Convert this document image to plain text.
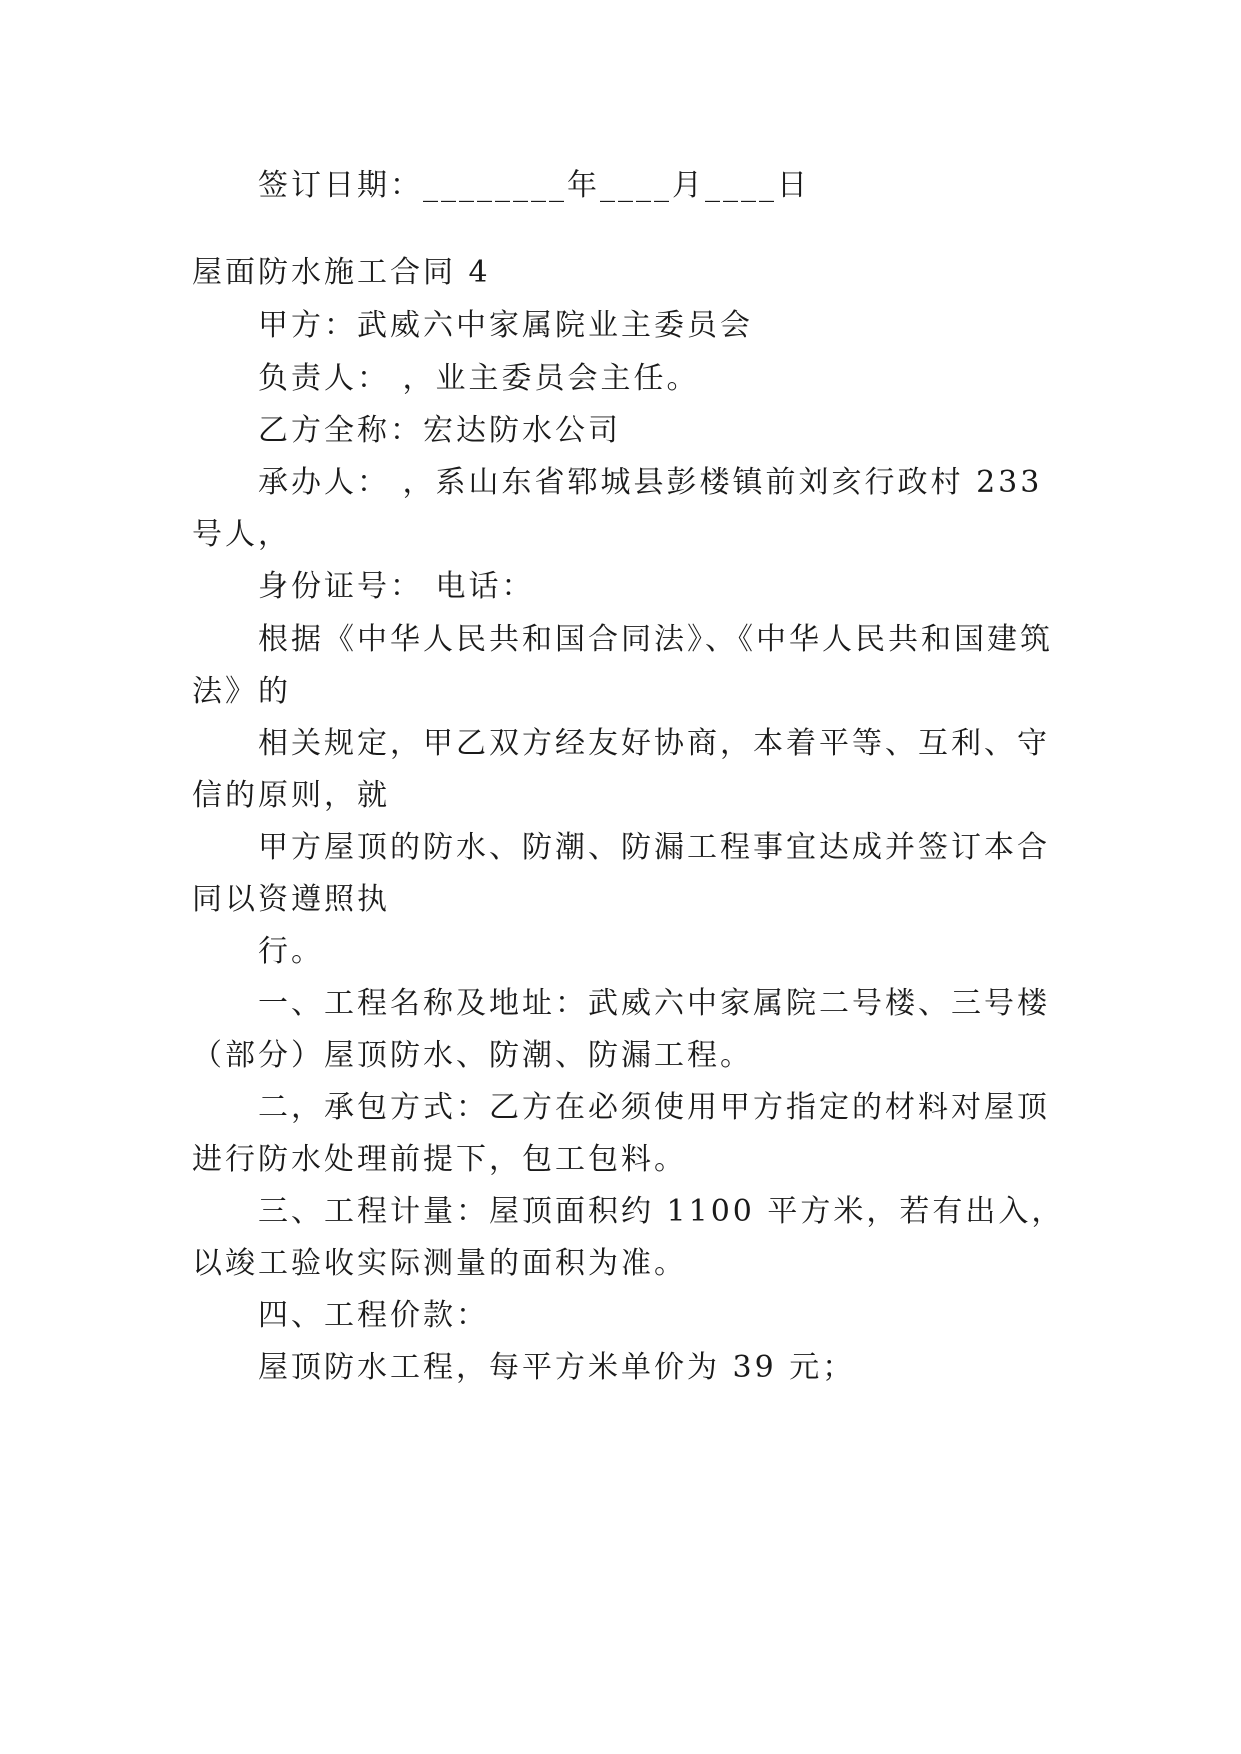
签订日期：________年____月____日
屋面防水施工合同 4
甲方：武威六中家属院业主委员会
负责人： ，业主委员会主任。
乙方全称：宏达防水公司
承办人： ，系山东省郓城县彭楼镇前刘亥行政村 233
号人，
身份证号： 电话：
根据《中华人民共和国合同法》、《中华人民共和国建筑
法》的
相关规定，甲乙双方经友好协商，本着平等、互利、守
信的原则，就
甲方屋顶的防水、防潮、防漏工程事宜达成并签订本合
同以资遵照执
行。
一、工程名称及地址：武威六中家属院二号楼、三号楼
（部分）屋顶防水、防潮、防漏工程。
二，承包方式：乙方在必须使用甲方指定的材料对屋顶
进行防水处理前提下，包工包料。
三、工程计量：屋顶面积约 1100 平方米，若有出入，
以竣工验收实际测量的面积为准。
四、工程价款：
屋顶防水工程，每平方米单价为 39 元；
